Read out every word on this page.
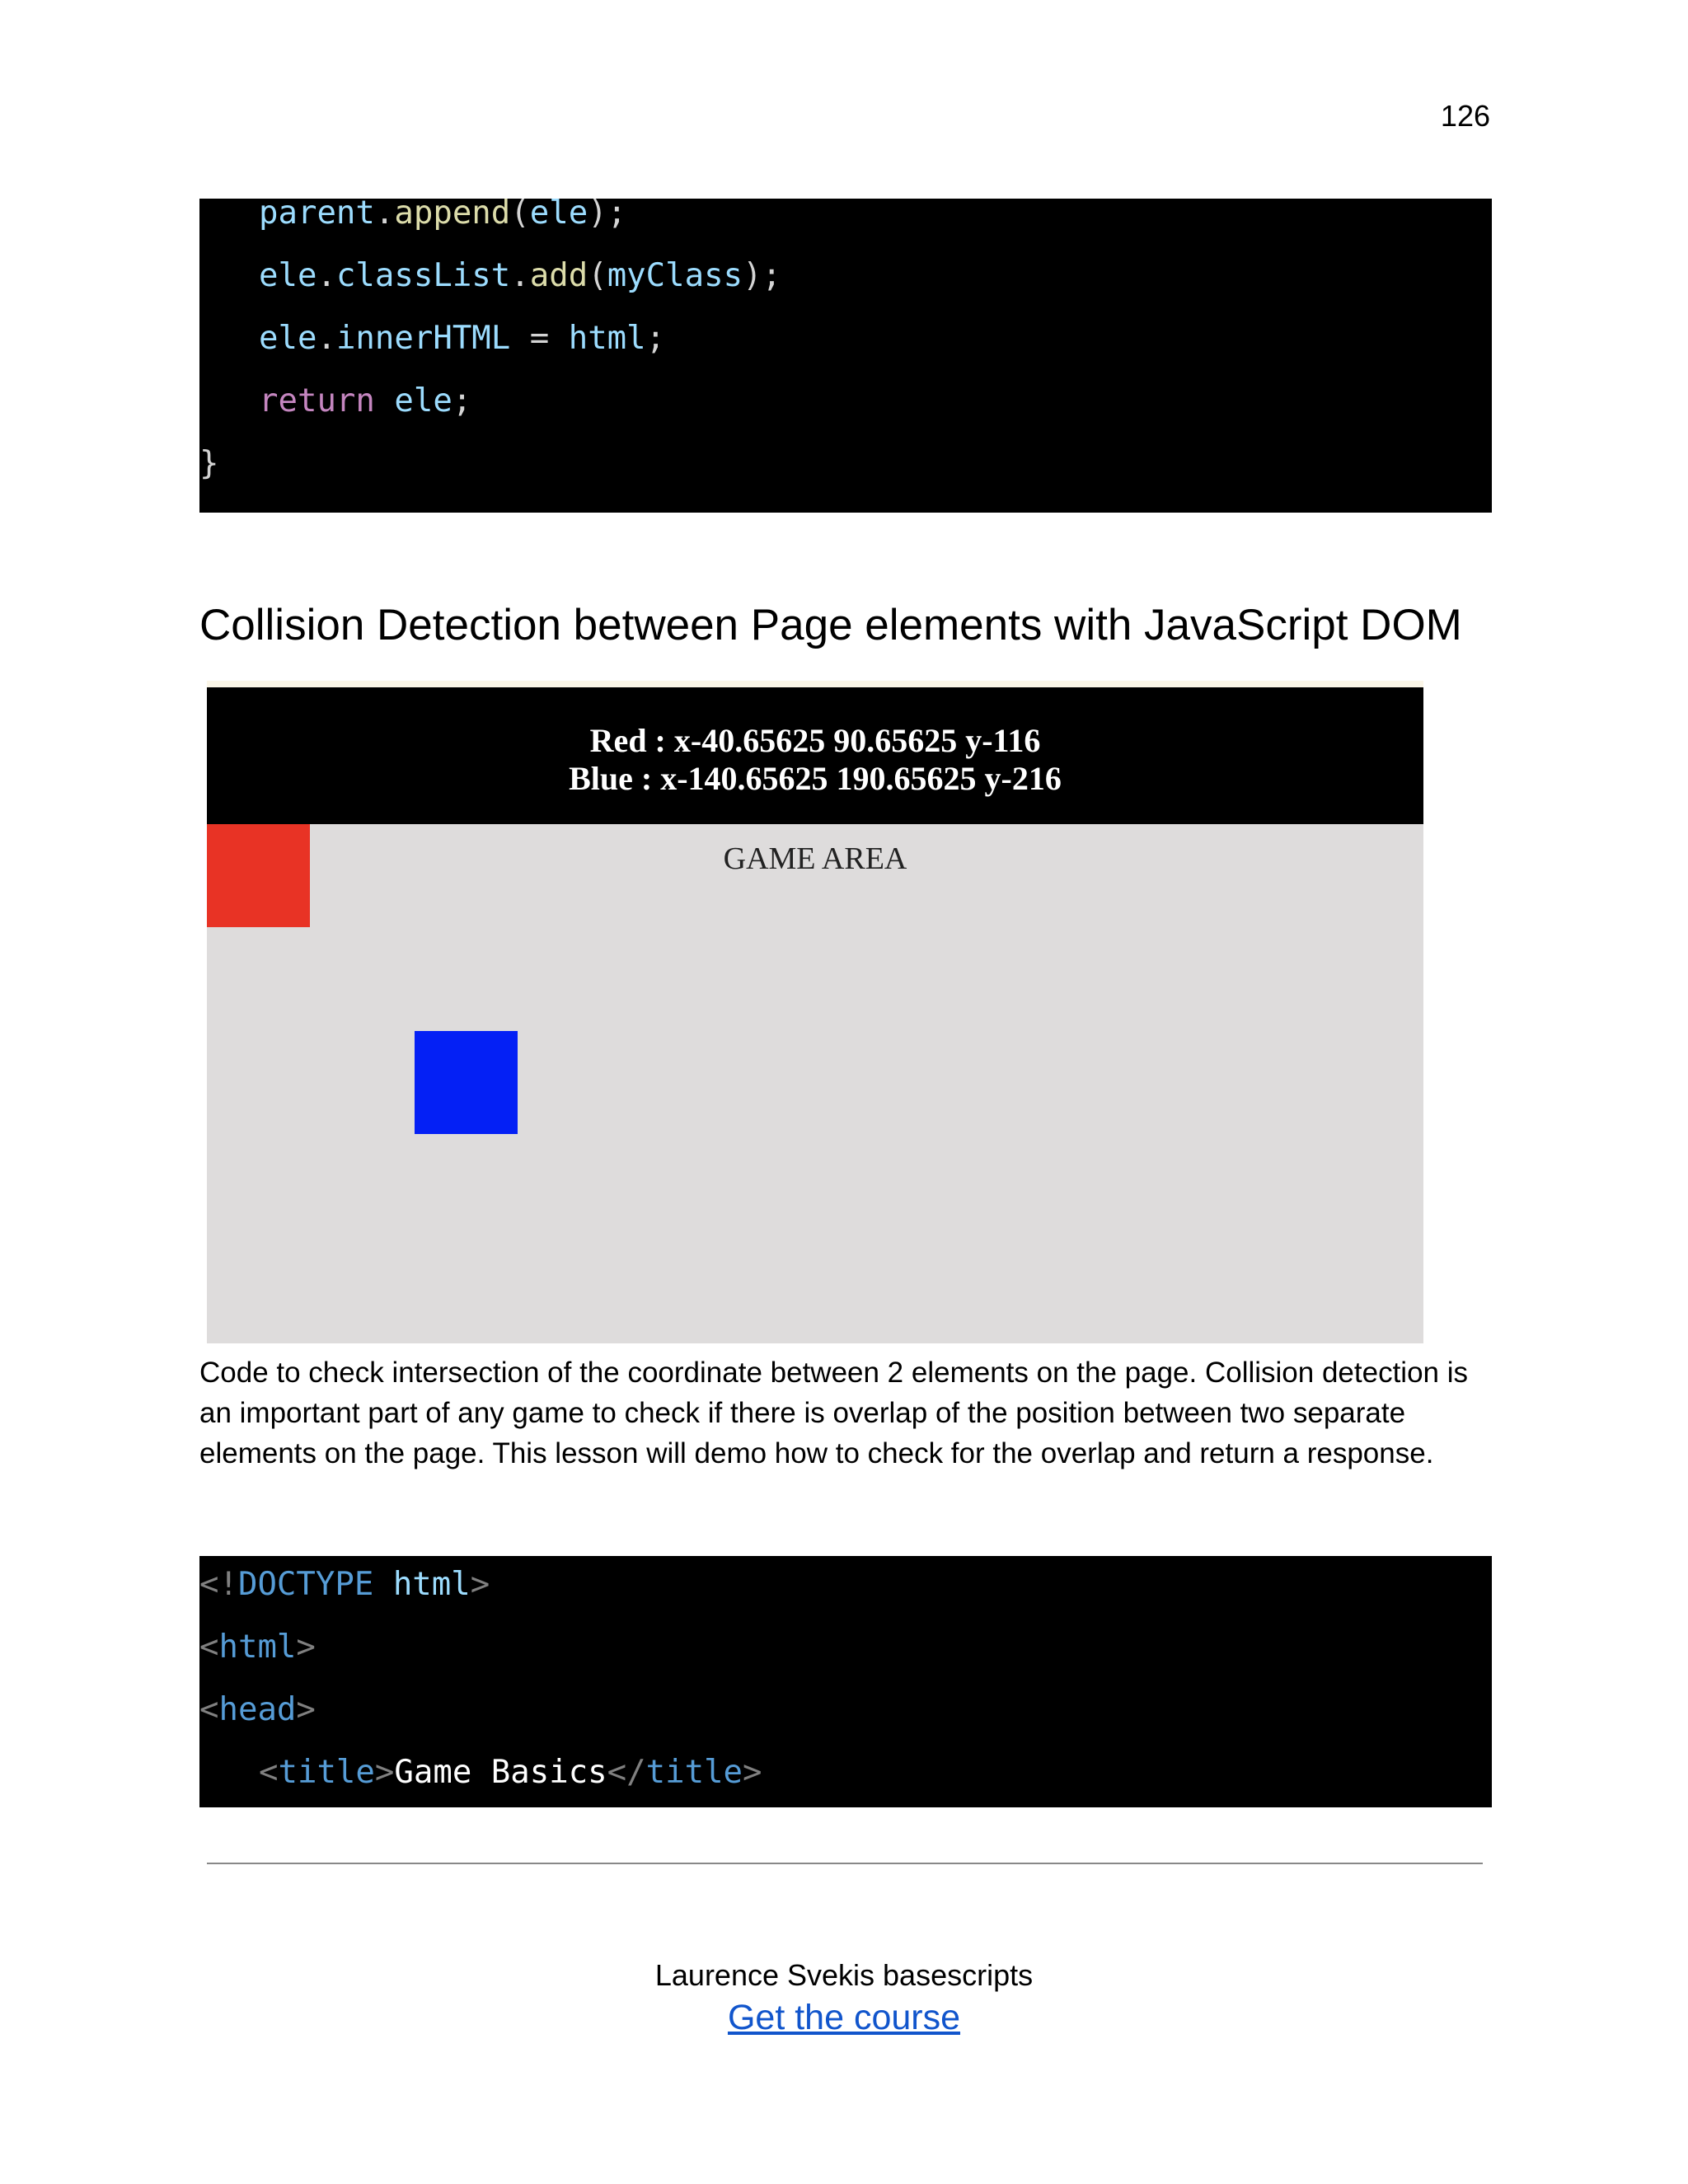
126
parent.append(ele);
ele.classList.add(myClass);
ele.innerHTML = html;
return ele;
}
Collision Detection between Page elements with JavaScript DOM
Red : x-40.65625 90.65625 y-116
Blue : x-140.65625 190.65625 y-216
GAME AREA

Code to check intersection of the coordinate between 2 elements on the page. Collision detection is an important part of any game to check if there is overlap of the position between two separate elements on the page. This lesson will demo how to check for the overlap and return a response.

<!DOCTYPE html>
<html>
<head>
<title>Game Basics</title>
Laurence Svekis basescripts
Get the course
